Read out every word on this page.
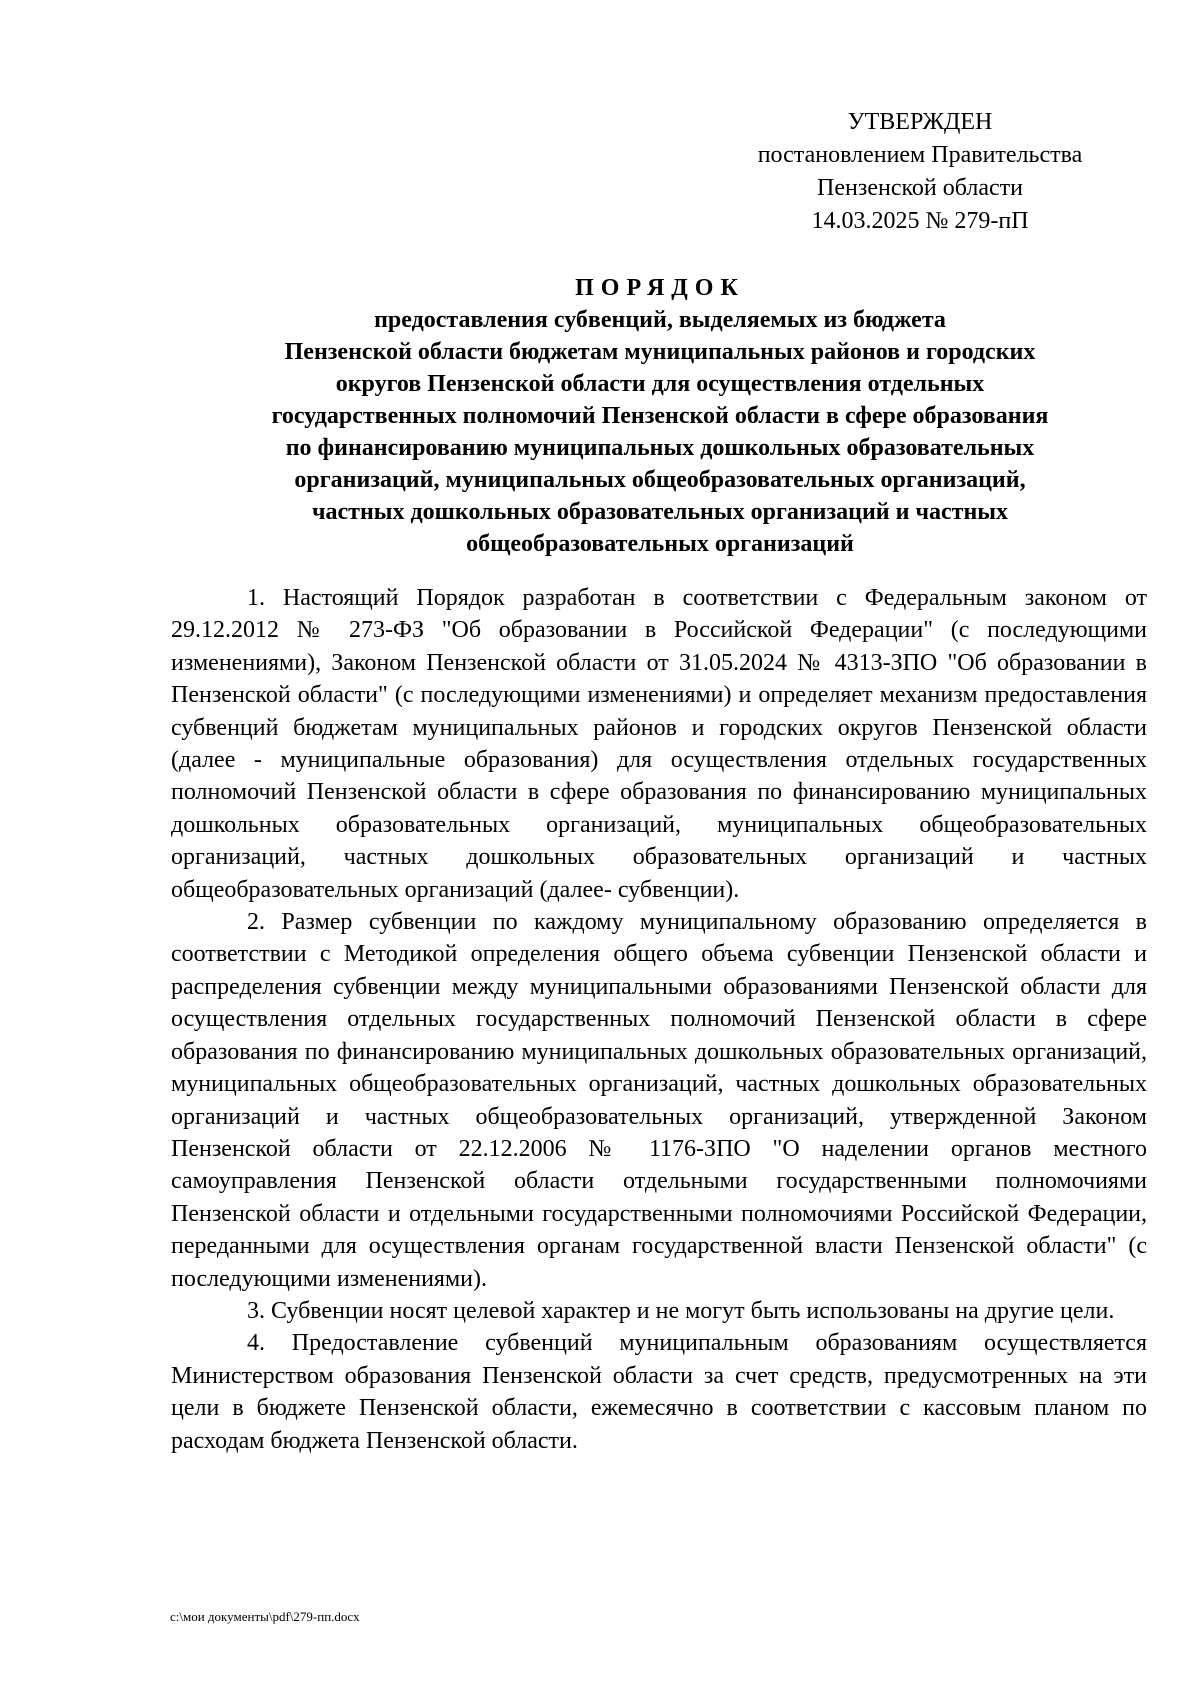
УТВЕРЖДЕН
постановлением Правительства
Пензенской области
14.03.2025 № 279-пП
ПОРЯДОК
предоставления субвенций, выделяемых из бюджета
Пензенской области бюджетам муниципальных районов и городских
округов Пензенской области для осуществления отдельных
государственных полномочий Пензенской области в сфере образования
по финансированию муниципальных дошкольных образовательных
организаций, муниципальных общеобразовательных организаций,
частных дошкольных образовательных организаций и частных
общеобразовательных организаций

1. Настоящий Порядок разработан в соответствии с Федеральным законом от 29.12.2012 № 273-ФЗ "Об образовании в Российской Федерации" (с последующими изменениями), Законом Пензенской области от 31.05.2024 № 4313-ЗПО "Об образовании в Пензенской области" (с последующими изменениями) и определяет механизм предоставления субвенций бюджетам муниципальных районов и городских округов Пензенской области (далее - муниципальные образования) для осуществления отдельных государственных полномочий Пензенской области в сфере образования по финансированию муниципальных дошкольных образовательных организаций, муниципальных общеобразовательных организаций, частных дошкольных образовательных организаций и частных общеобразовательных организаций (далее- субвенции).

2. Размер субвенции по каждому муниципальному образованию определяется в соответствии с Методикой определения общего объема субвенции Пензенской области и распределения субвенции между муниципальными образованиями Пензенской области для осуществления отдельных государственных полномочий Пензенской области в сфере образования по финансированию муниципальных дошкольных образовательных организаций, муниципальных общеобразовательных организаций, частных дошкольных образовательных организаций и частных общеобразовательных организаций, утвержденной Законом Пензенской области от 22.12.2006 № 1176-ЗПО "О наделении органов местного самоуправления Пензенской области отдельными государственными полномочиями Пензенской области и отдельными государственными полномочиями Российской Федерации, переданными для осуществления органам государственной власти Пензенской области" (с последующими изменениями).

3. Субвенции носят целевой характер и не могут быть использованы на другие цели.

4. Предоставление субвенций муниципальным образованиям осуществляется Министерством образования Пензенской области за счет средств, предусмотренных на эти цели в бюджете Пензенской области, ежемесячно в соответствии с кассовым планом по расходам бюджета Пензенской области.

c:\мои документы\pdf\279-пп.docx
